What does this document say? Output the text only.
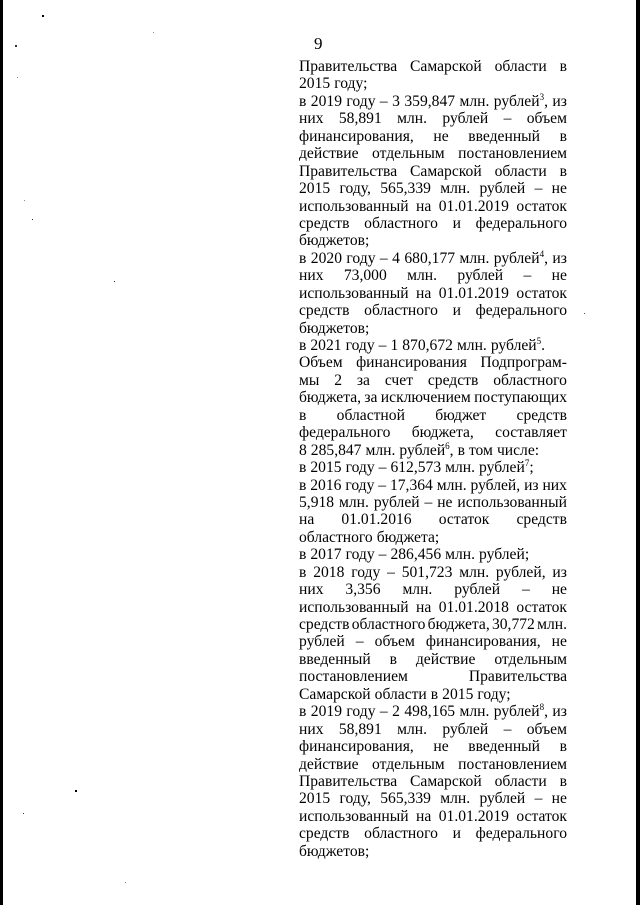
9
Правительства Самарской области в
2015 году;
в 2019 году – 3 359,847 млн. рублей$^3$, из
них 58,891 млн. рублей – объем
финансирования, не введенный в
действие отдельным постановлением
Правительства Самарской области в
2015 году, 565,339 млн. рублей – не
использованный на 01.01.2019 остаток
средств областного и федерального
бюджетов;
в 2020 году – 4 680,177 млн. рублей$^4$, из
них 73,000 млн. рублей – не
использованный на 01.01.2019 остаток
средств областного и федерального
бюджетов;
в 2021 году – 1 870,672 млн. рублей$^5$.
Объем финансирования Подпрограм-
мы 2 за счет средств областного
бюджета, за исключением поступающих
в областной бюджет средств
федерального бюджета, составляет
8 285,847 млн. рублей$^6$, в том числе:
в 2015 году – 612,573 млн. рублей$^7$;
в 2016 году – 17,364 млн. рублей, из них
5,918 млн. рублей – не использованный
на 01.01.2016 остаток средств
областного бюджета;
в 2017 году – 286,456 млн. рублей;
в 2018 году – 501,723 млн. рублей, из
них 3,356 млн. рублей – не
использованный на 01.01.2018 остаток
средств областного бюджета, 30,772 млн.
рублей – объем финансирования, не
введенный в действие отдельным
постановлением	Правительства
Самарской области в 2015 году;
в 2019 году – 2 498,165 млн. рублей$^8$, из
них 58,891 млн. рублей – объем
финансирования, не введенный в
действие отдельным постановлением
Правительства Самарской области в
2015 году, 565,339 млн. рублей – не
использованный на 01.01.2019 остаток
средств областного и федерального
бюджетов;
